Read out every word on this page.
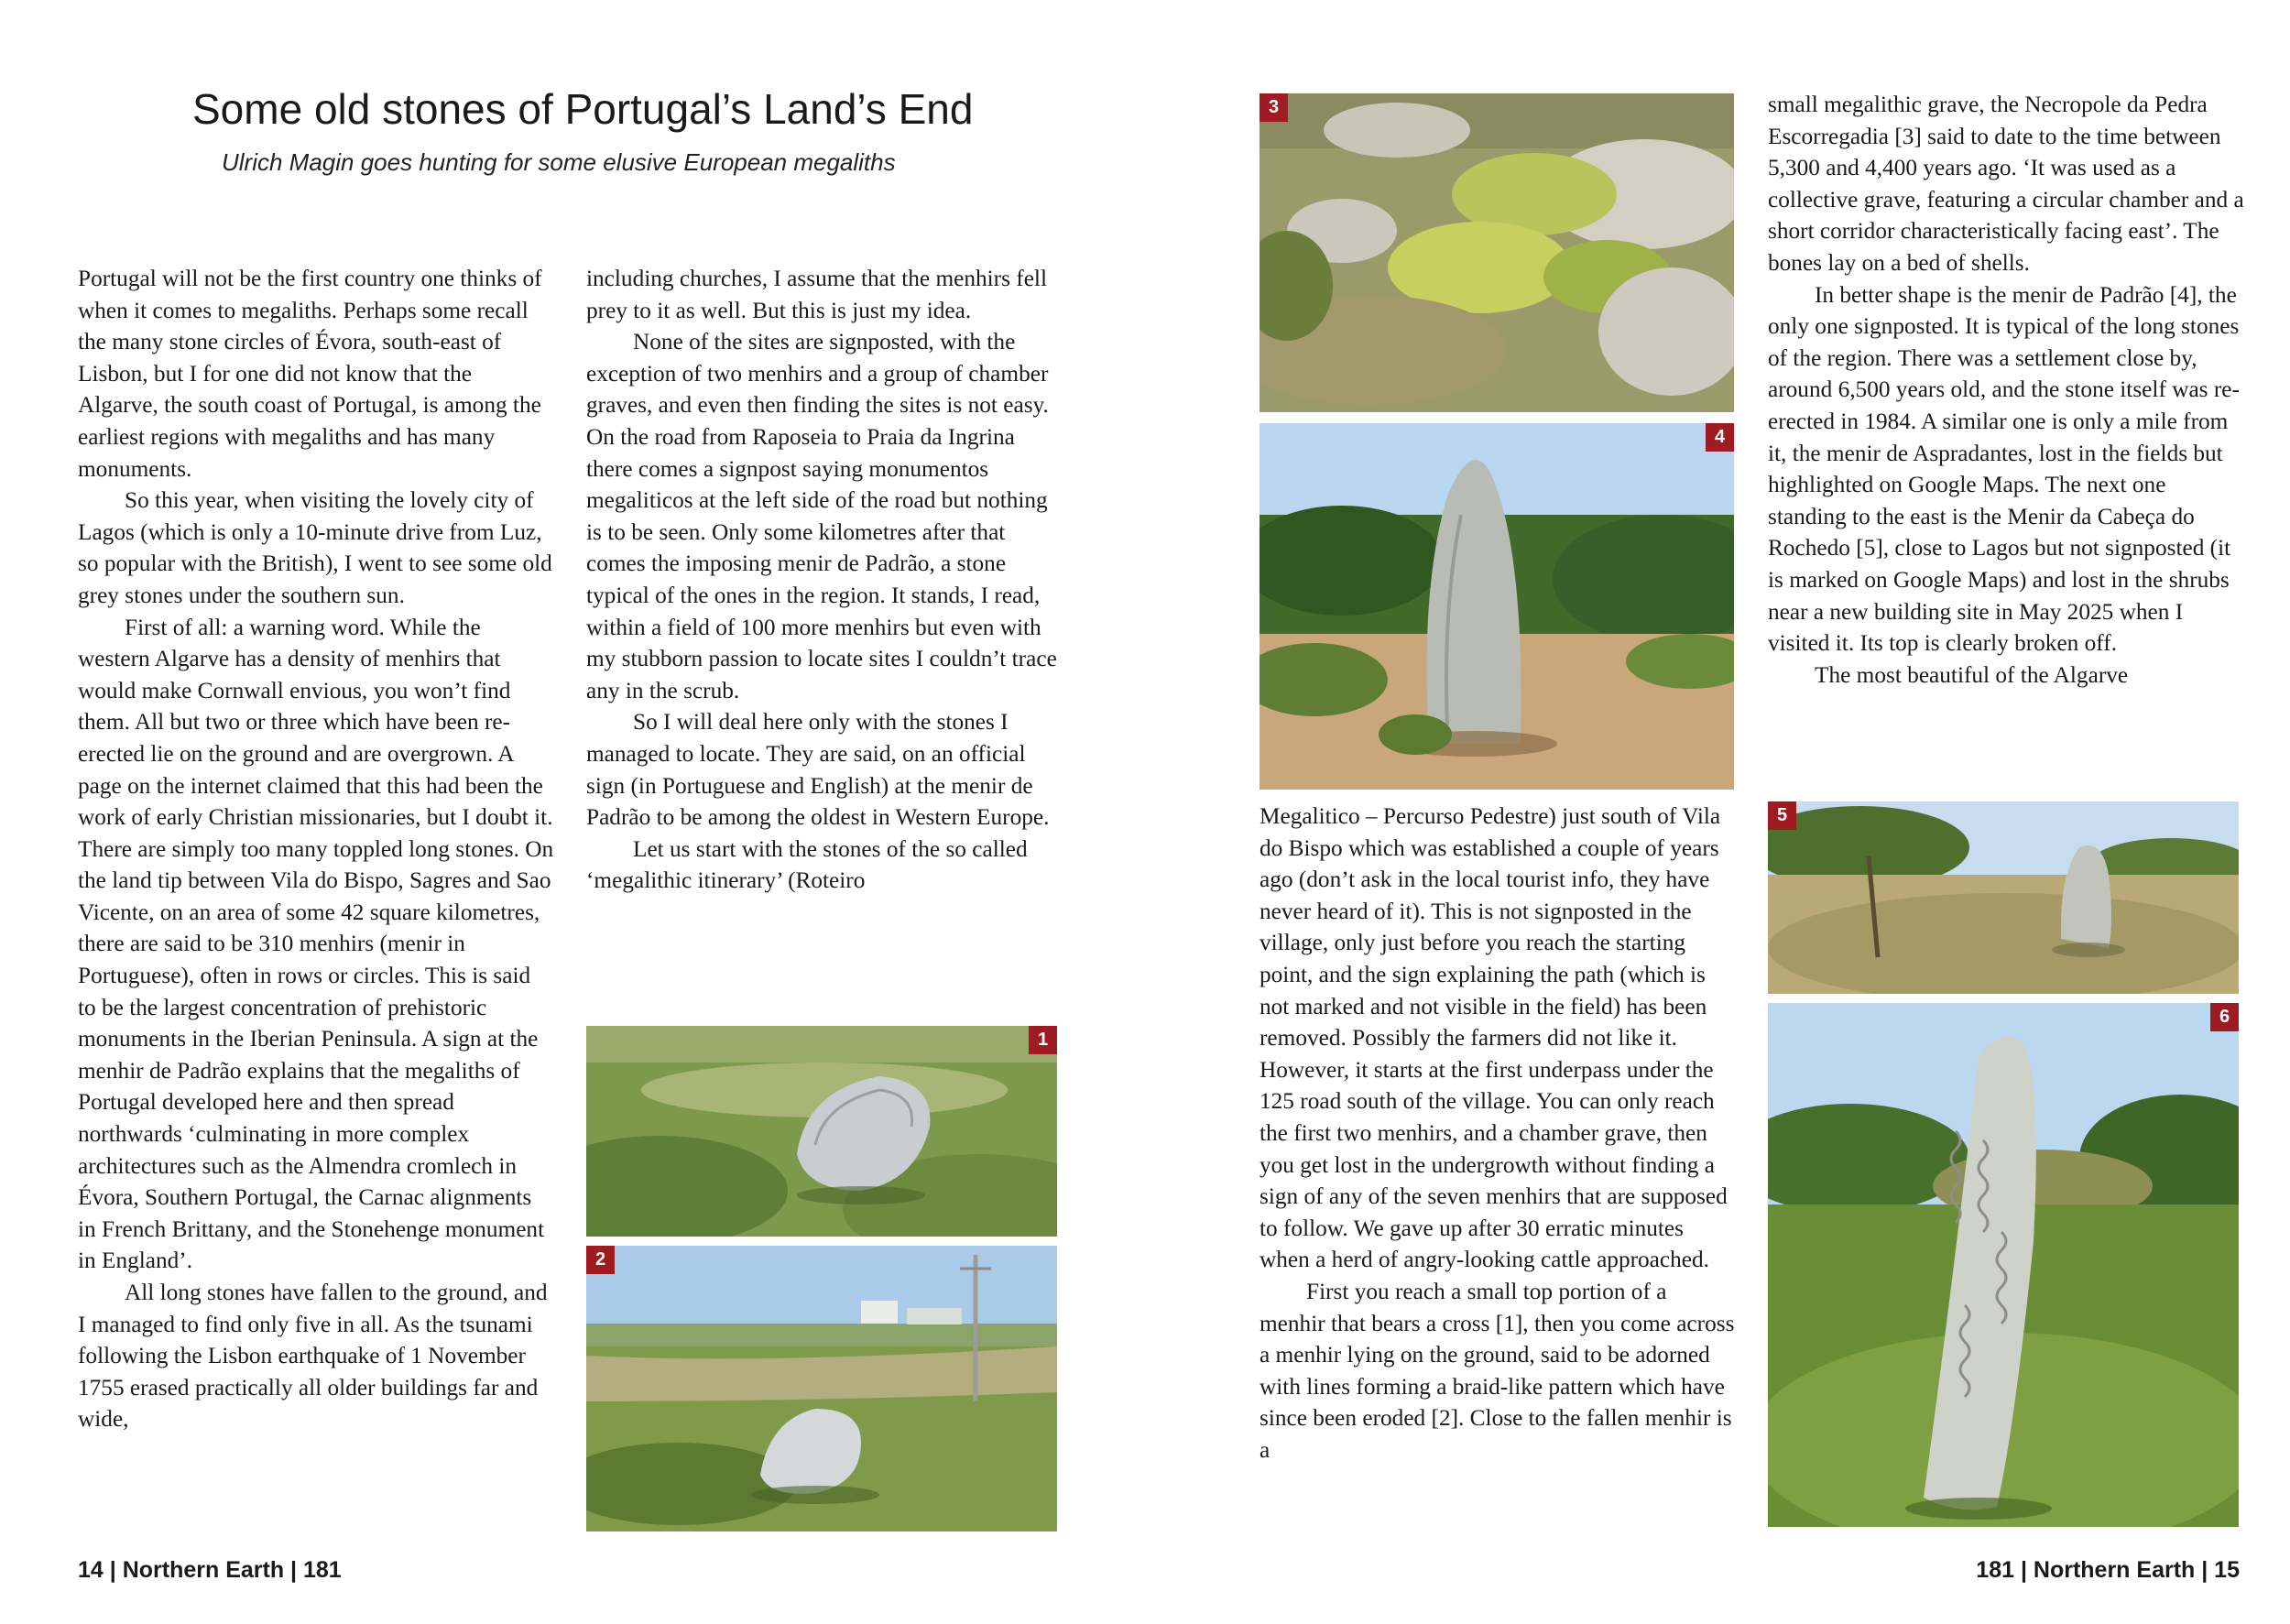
Some old stones of Portugal’s Land’s End
Ulrich Magin goes hunting for some elusive European megaliths

Portugal will not be the first country one thinks of when it comes to megaliths. Perhaps some recall the many stone circles of Évora, south-east of Lisbon, but I for one did not know that the Algarve, the south coast of Portugal, is among the earliest regions with megaliths and has many monuments.

So this year, when visiting the lovely city of Lagos (which is only a 10-minute drive from Luz, so popular with the British), I went to see some old grey stones under the southern sun.

First of all: a warning word. While the western Algarve has a density of menhirs that would make Cornwall envious, you won’t find them. All but two or three which have been re-erected lie on the ground and are overgrown. A page on the internet claimed that this had been the work of early Christian missionaries, but I doubt it. There are simply too many toppled long stones. On the land tip between Vila do Bispo, Sagres and Sao Vicente, on an area of some 42 square kilometres, there are said to be 310 menhirs (menir in Portuguese), often in rows or circles. This is said to be the largest concentration of prehistoric monuments in the Iberian Peninsula. A sign at the menhir de Padrão explains that the megaliths of Portugal developed here and then spread northwards ‘culminating in more complex architectures such as the Almendra cromlech in Évora, Southern Portugal, the Carnac alignments in French Brittany, and the Stonehenge monument in England’.

All long stones have fallen to the ground, and I managed to find only five in all. As the tsunami following the Lisbon earthquake of 1 November 1755 erased practically all older buildings far and wide,

including churches, I assume that the menhirs fell prey to it as well. But this is just my idea.

None of the sites are signposted, with the exception of two menhirs and a group of chamber graves, and even then finding the sites is not easy. On the road from Raposeia to Praia da Ingrina there comes a signpost saying monumentos megaliticos at the left side of the road but nothing is to be seen. Only some kilometres after that comes the imposing menir de Padrão, a stone typical of the ones in the region. It stands, I read, within a field of 100 more menhirs but even with my stubborn passion to locate sites I couldn’t trace any in the scrub.

So I will deal here only with the stones I managed to locate. They are said, on an official sign (in Portuguese and English) at the menir de Padrão to be among the oldest in Western Europe.

Let us start with the stones of the so called ‘megalithic itinerary’ (Roteiro

1
2
14 | Northern Earth | 181
3
4

Megalitico – Percurso Pedestre) just south of Vila do Bispo which was established a couple of years ago (don’t ask in the local tourist info, they have never heard of it). This is not signposted in the village, only just before you reach the starting point, and the sign explaining the path (which is not marked and not visible in the field) has been removed. Possibly the farmers did not like it. However, it starts at the first underpass under the 125 road south of the village. You can only reach the first two menhirs, and a chamber grave, then you get lost in the undergrowth without finding a sign of any of the seven menhirs that are supposed to follow. We gave up after 30 erratic minutes when a herd of angry-looking cattle approached.

First you reach a small top portion of a menhir that bears a cross [1], then you come across a menhir lying on the ground, said to be adorned with lines forming a braid-like pattern which have since been eroded [2]. Close to the fallen menhir is a

small megalithic grave, the Necropole da Pedra Escorregadia [3] said to date to the time between 5,300 and 4,400 years ago. ‘It was used as a collective grave, featuring a circular chamber and a short corridor characteristically facing east’. The bones lay on a bed of shells.

In better shape is the menir de Padrão [4], the only one signposted. It is typical of the long stones of the region. There was a settlement close by, around 6,500 years old, and the stone itself was re-erected in 1984. A similar one is only a mile from it, the menir de Aspradantes, lost in the fields but highlighted on Google Maps. The next one standing to the east is the Menir da Cabeça do Rochedo [5], close to Lagos but not signposted (it is marked on Google Maps) and lost in the shrubs near a new building site in May 2025 when I visited it. Its top is clearly broken off.

The most beautiful of the Algarve

5
6
181 | Northern Earth | 15
